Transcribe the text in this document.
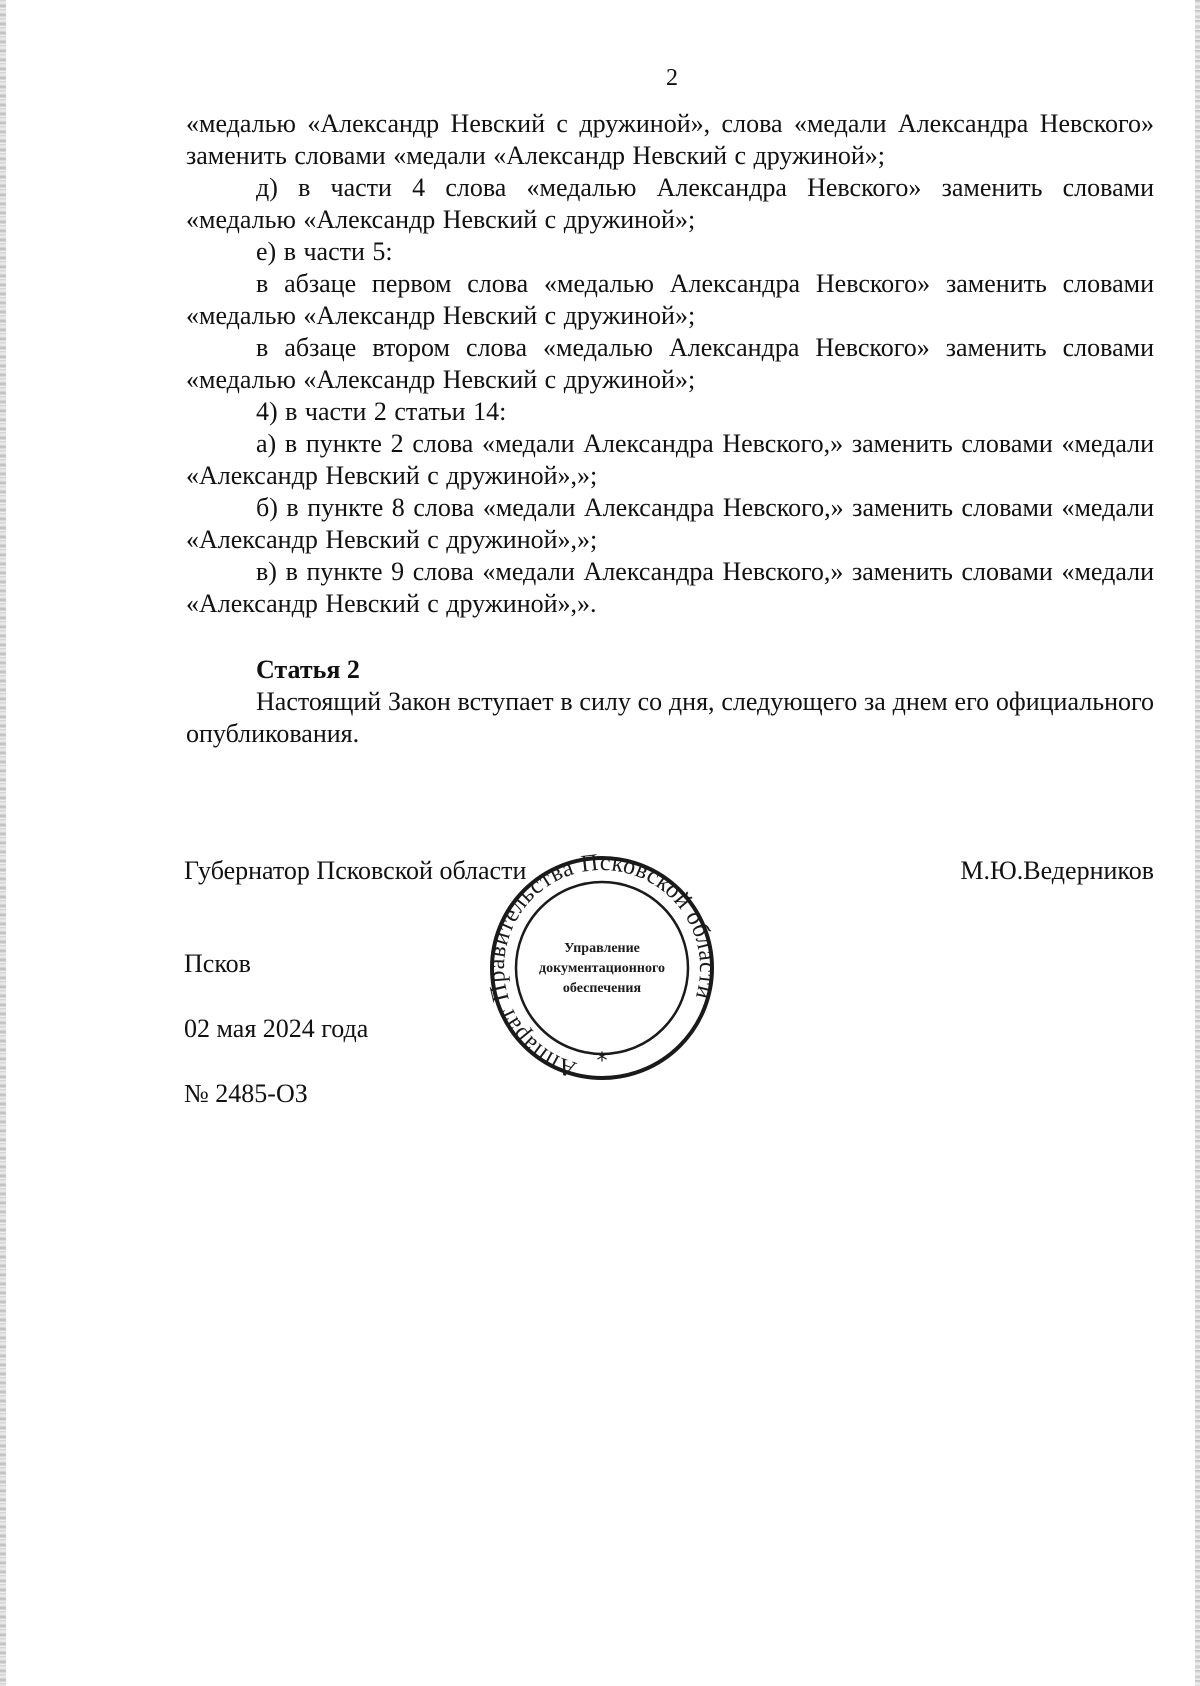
2

«медалью «Александр Невский с дружиной», слова «медали Александра Невского» заменить словами «медали «Александр Невский с дружиной»;

д) в части 4 слова «медалью Александра Невского» заменить словами «медалью «Александр Невский с дружиной»;

е) в части 5:

в абзаце первом слова «медалью Александра Невского» заменить словами «медалью «Александр Невский с дружиной»;

в абзаце втором слова «медалью Александра Невского» заменить словами «медалью «Александр Невский с дружиной»;

4) в части 2 статьи 14:

а) в пункте 2 слова «медали Александра Невского,» заменить словами «медали «Александр Невский с дружиной»,»;

б) в пункте 8 слова «медали Александра Невского,» заменить словами «медали «Александр Невский с дружиной»,»;

в) в пункте 9 слова «медали Александра Невского,» заменить словами «медали «Александр Невский с дружиной»,».

Статья 2

Настоящий Закон вступает в силу со дня, следующего за днем его официального опубликования.

Губернатор Псковской области	М.Ю.Ведерников
Псков
02 мая 2024 года
№ 2485-ОЗ
Аппарат П ительства Псковской обл и
Управление
документационного
обеспечения
*
